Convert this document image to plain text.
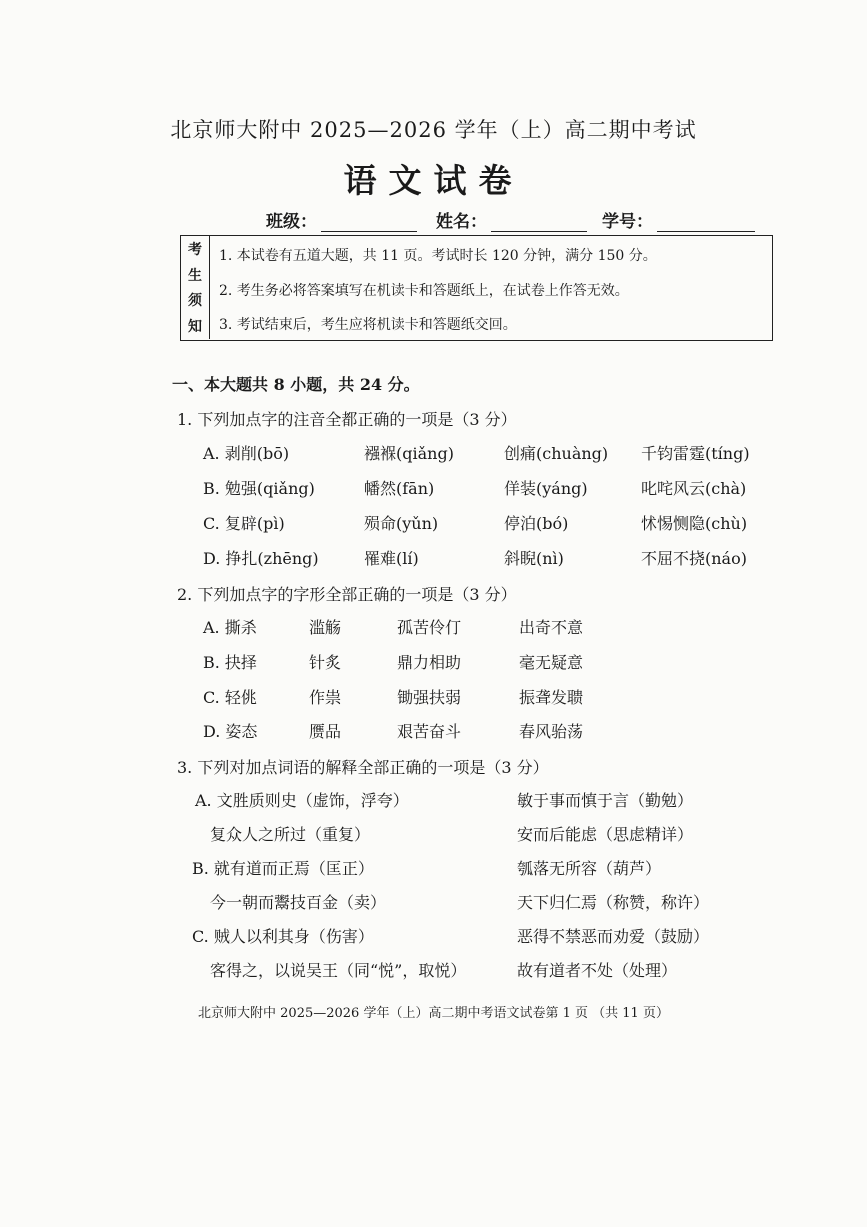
北京师大附中 2025—2026 学年（上）高二期中考试
语文试卷
班级：	姓名：	学号：
考
生
须
知
1. 本试卷有五道大题，共 11 页。考试时长 120 分钟，满分 150 分。
2. 考生务必将答案填写在机读卡和答题纸上，在试卷上作答无效。
3. 考试结束后，考生应将机读卡和答题纸交回。
一、本大题共 8 小题，共 24 分。
1. 下列加点字的注音全都正确的一项是（3 分）
A. 剥削(bō)	襁褓(qiǎng)	创痛(chuàng) 千钧雷霆(tíng)
B. 勉强(qiǎng)	幡然(fān)	佯装(yáng)	叱咤风云(chà)
C. 复辟(pì)	殒命(yǔn)	停泊(bó)	怵惕恻隐(chù)
D. 挣扎(zhēng)	罹难(lí)	斜睨(nì)	不屈不挠(náo)
2. 下列加点字的字形全部正确的一项是（3 分）
A. 撕杀	滥觞	孤苦伶仃	出奇不意
B. 抉择	针炙	鼎力相助	毫无疑意
C. 轻佻	作祟	锄强扶弱	振聋发聩
D. 姿态	赝品	艰苦奋斗	春风骀荡
3. 下列对加点词语的解释全部正确的一项是（3 分）
A. 文胜质则史（虚饰，浮夸）	敏于事而慎于言（勤勉）
复众人之所过（重复）	安而后能虑（思虑精详）
B. 就有道而正焉（匡正）	瓠落无所容（葫芦）
今一朝而鬻技百金（卖）	天下归仁焉（称赞，称许）
C. 贼人以利其身（伤害）	恶得不禁恶而劝爱（鼓励）
客得之，以说吴王（同“悦”，取悦）	故有道者不处（处理）
北京师大附中 2025—2026 学年（上）高二期中考语文试卷第 1 页 （共 11 页）
